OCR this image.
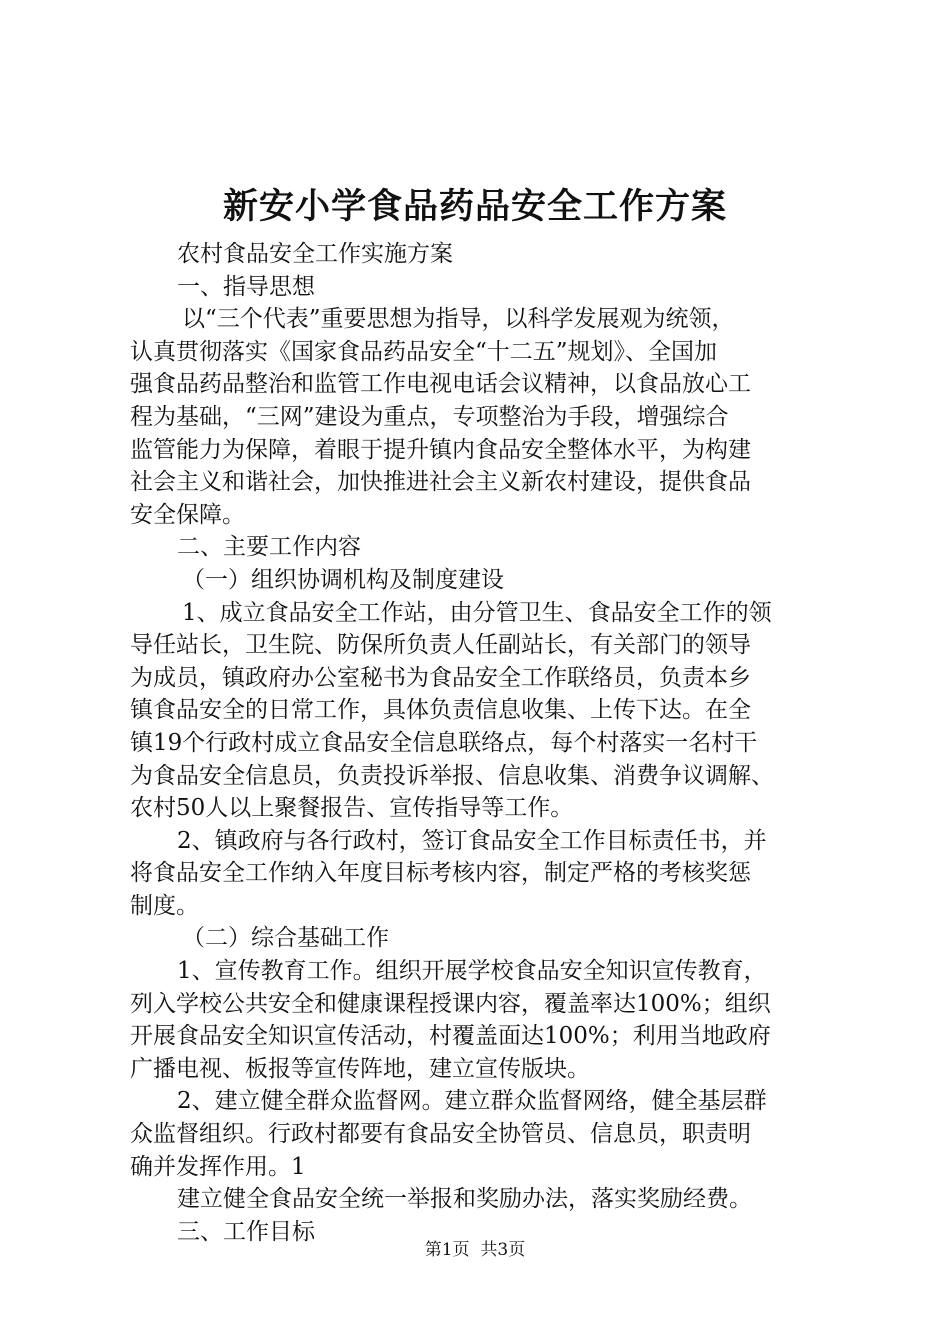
新安小学食品药品安全工作方案
农村食品安全工作实施方案
一、指导思想
以“三个代表”重要思想为指导，以科学发展观为统领，
认真贯彻落实《国家食品药品安全“十二五”规划》、全国加
强食品药品整治和监管工作电视电话会议精神，以食品放心工
程为基础，“三网”建设为重点，专项整治为手段，增强综合
监管能力为保障，着眼于提升镇内食品安全整体水平，为构建
社会主义和谐社会，加快推进社会主义新农村建设，提供食品
安全保障。
二、主要工作内容
（一）组织协调机构及制度建设
1、成立食品安全工作站，由分管卫生、食品安全工作的领
导任站长，卫生院、防保所负责人任副站长，有关部门的领导
为成员，镇政府办公室秘书为食品安全工作联络员，负责本乡
镇食品安全的日常工作，具体负责信息收集、上传下达。在全
镇19个行政村成立食品安全信息联络点，每个村落实一名村干
为食品安全信息员，负责投诉举报、信息收集、消费争议调解、
农村50人以上聚餐报告、宣传指导等工作。
2、镇政府与各行政村，签订食品安全工作目标责任书，并
将食品安全工作纳入年度目标考核内容，制定严格的考核奖惩
制度。
（二）综合基础工作
1、宣传教育工作。组织开展学校食品安全知识宣传教育，
列入学校公共安全和健康课程授课内容，覆盖率达100%；组织
开展食品安全知识宣传活动，村覆盖面达100%；利用当地政府
广播电视、板报等宣传阵地，建立宣传版块。
2、建立健全群众监督网。建立群众监督网络，健全基层群
众监督组织。行政村都要有食品安全协管员、信息员，职责明
确并发挥作用。1
建立健全食品安全统一举报和奖励办法，落实奖励经费。
三、工作目标
第1页  共3页
